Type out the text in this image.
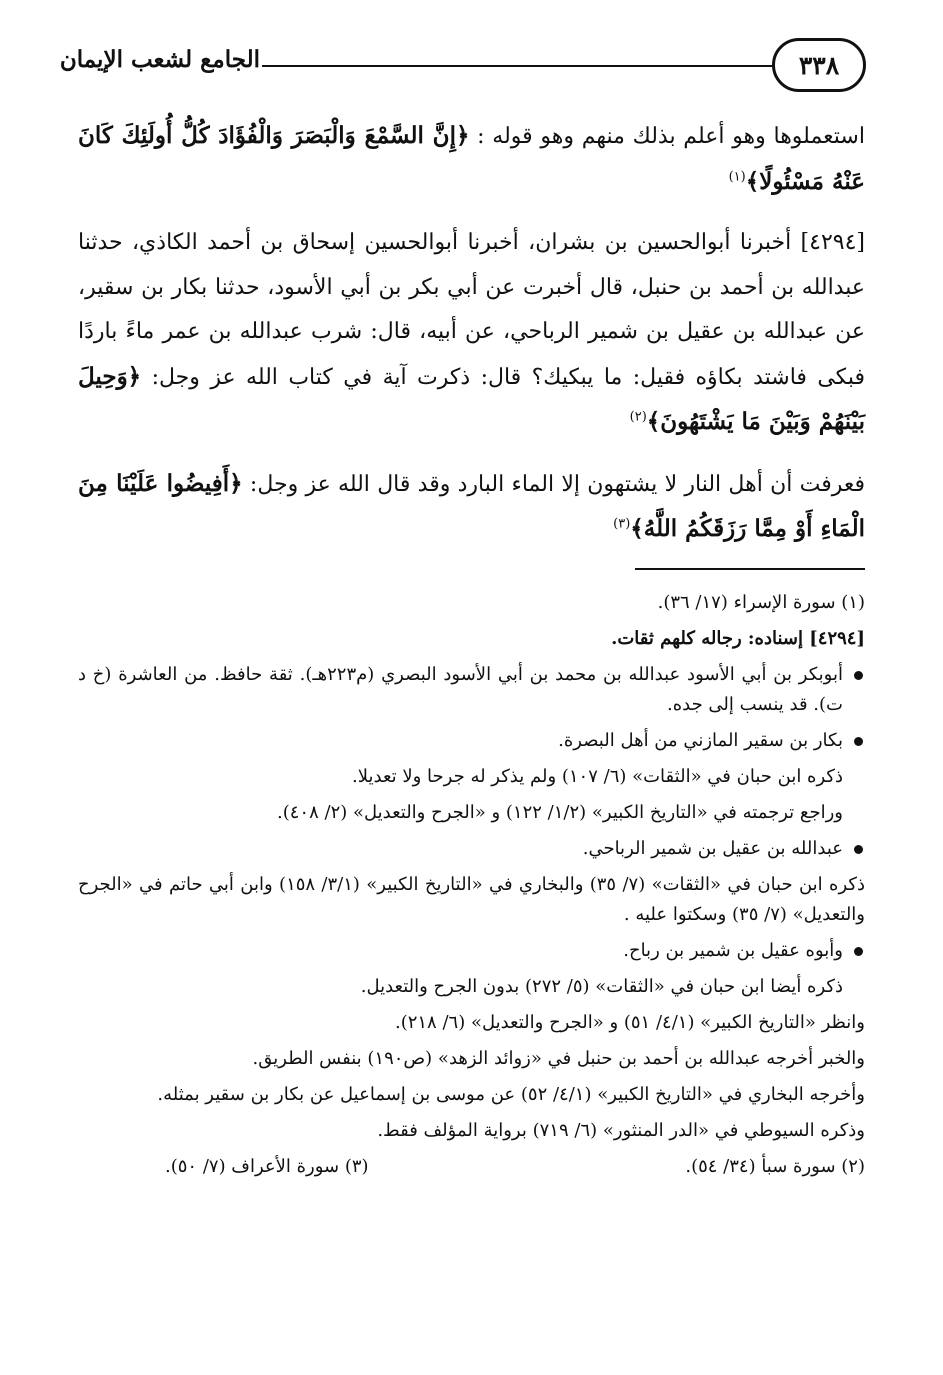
٣٣٨
الجامع لشعب الإيمان

استعملوها وهو أعلم بذلك منهم وهو قوله : ﴿إِنَّ السَّمْعَ وَالْبَصَرَ وَالْفُؤَادَ كُلُّ أُولَئِكَ كَانَ عَنْهُ مَسْئُولًا﴾$^{(١)}$

[٤٢٩٤] أخبرنا أبوالحسين بن بشران، أخبرنا أبوالحسين إسحاق بن أحمد الكاذي، حدثنا عبدالله بن أحمد بن حنبل، قال أخبرت عن أبي بكر بن أبي الأسود، حدثنا بكار بن سقير، عن عبدالله بن عقيل بن شمير الرباحي، عن أبيه، قال: شرب عبدالله بن عمر ماءً باردًا فبكى فاشتد بكاؤه فقيل: ما يبكيك؟ قال: ذكرت آية في كتاب الله عز وجل: ﴿وَحِيلَ بَيْنَهُمْ وَبَيْنَ مَا يَشْتَهُونَ﴾$^{(٢)}$

فعرفت أن أهل النار لا يشتهون إلا الماء البارد وقد قال الله عز وجل: ﴿أَفِيضُوا عَلَيْنَا مِنَ الْمَاءِ أَوْ مِمَّا رَزَقَكُمُ اللَّهُ﴾$^{(٣)}$

(١) سورة الإسراء (١٧/ ٣٦).

[٤٢٩٤] إسناده: رجاله كلهم ثقات.

أبوبكر بن أبي الأسود عبدالله بن محمد بن أبي الأسود البصري (م٢٢٣هـ). ثقة حافظ. من العاشرة (خ د ت). قد ينسب إلى جده.

بكار بن سقير المازني من أهل البصرة.

ذكره ابن حبان في «الثقات» (٦/ ١٠٧) ولم يذكر له جرحا ولا تعديلا.

وراجع ترجمته في «التاريخ الكبير» (١/٢/ ١٢٢) و «الجرح والتعديل» (٢/ ٤٠٨).

عبدالله بن عقيل بن شمير الرباحي.

ذكره ابن حبان في «الثقات» (٧/ ٣٥) والبخاري في «التاريخ الكبير» (٣/١/ ١٥٨) وابن أبي حاتم في «الجرح والتعديل» (٧/ ٣٥) وسكتوا عليه .

وأبوه عقيل بن شمير بن رباح.

ذكره أيضا ابن حبان في «الثقات» (٥/ ٢٧٢) بدون الجرح والتعديل.

وانظر «التاريخ الكبير» (٤/١/ ٥١) و «الجرح والتعديل» (٦/ ٢١٨).

والخبر أخرجه عبدالله بن أحمد بن حنبل في «زوائد الزهد» (ص١٩٠) بنفس الطريق.

وأخرجه البخاري في «التاريخ الكبير» (٤/١/ ٥٢) عن موسى بن إسماعيل عن بكار بن سقير بمثله.

وذكره السيوطي في «الدر المنثور» (٦/ ٧١٩) برواية المؤلف فقط.

(٢) سورة سبأ (٣٤/ ٥٤).
(٣) سورة الأعراف (٧/ ٥٠).
